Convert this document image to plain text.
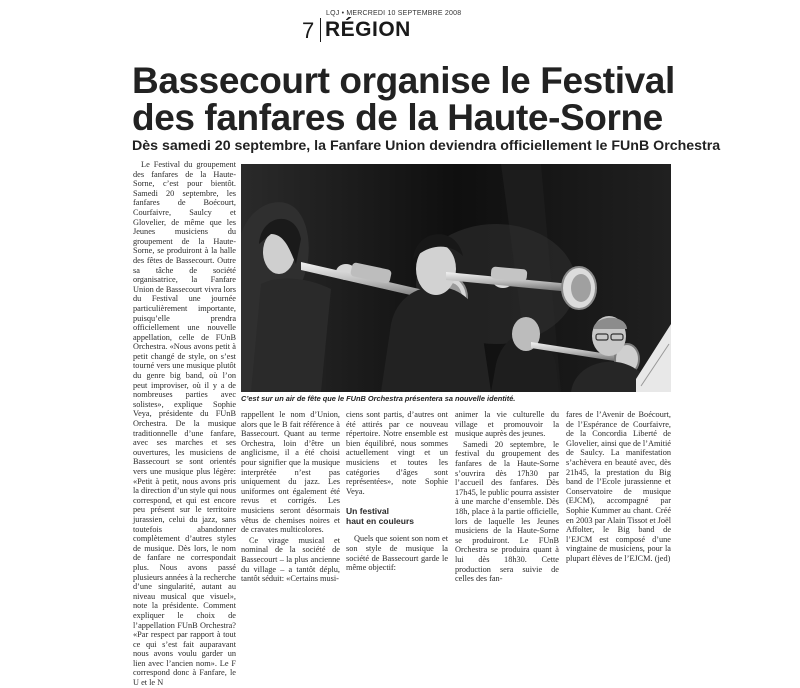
7
LQJ • MERCREDI 10 SEPTEMBRE 2008
RÉGION
Bassecourt organise le Festival
des fanfares de la Haute-Sorne
Dès samedi 20 septembre, la Fanfare Union deviendra officiellement le FUnB Orchestra

Le Festival du groupement des fanfares de la Haute-Sorne, c’est pour bientôt. Samedi 20 septembre, les fanfares de Boécourt, Courfaivre, Saulcy et Glovelier, de même que les Jeunes musiciens du groupement de la Haute-Sorne, se produiront à la halle des fêtes de Bassecourt. Outre sa tâche de société organisatrice, la Fanfare Union de Bassecourt vivra lors du Festival une journée particulièrement importante, puisqu’elle prendra officiellement une nouvelle appellation, celle de FUnB Orchestra. «Nous avons petit à petit changé de style, on s’est tourné vers une musique plutôt du genre big band, où l’on peut improviser, où il y a de nombreuses parties avec solistes», explique Sophie Veya, présidente du FUnB Orchestra. De la musique traditionnelle d’une fanfare, avec ses marches et ses ouvertures, les musiciens de Bassecourt se sont orientés vers une musique plus légère: «Petit à petit, nous avons pris la direction d’un style qui nous correspond, et qui est encore peu présent sur le territoire jurassien, celui du jazz, sans toutefois abandonner complètement d’autres styles de musique. Dès lors, le nom de fanfare ne correspondait plus. Nous avons passé plusieurs années à la recherche d’une singularité, autant au niveau musical que visuel», note la présidente. Comment expliquer le choix de l’appellation FUnB Orchestra? «Par respect par rapport à tout ce qui s’est fait auparavant nous avons voulu garder un lien avec l’ancien nom». Le F correspond donc à Fanfare, le U et le N

C’est sur un air de fête que le FUnB Orchestra présentera sa nouvelle identité.

rappellent le nom d’Union, alors que le B fait référence à Bassecourt. Quant au terme Orchestra, loin d’être un anglicisme, il a été choisi pour signifier que la musique interprétée n’est pas uniquement du jazz. Les uniformes ont également été revus et corrigés. Les musiciens seront désormais vêtus de chemises noires et de cravates multicolores.

Ce virage musical et nominal de la société de Bassecourt – la plus ancienne du village – a tantôt déplu, tantôt séduit: «Certains musi-

ciens sont partis, d’autres ont été attirés par ce nouveau répertoire. Notre ensemble est bien équilibré, nous sommes actuellement vingt et un musiciens et toutes les catégories d’âges sont représentées», note Sophie Veya.

Un festival
haut en couleurs

Quels que soient son nom et son style de musique la société de Bassecourt garde le même objectif:

animer la vie culturelle du village et promouvoir la musique auprès des jeunes.

Samedi 20 septembre, le festival du groupement des fanfares de la Haute-Sorne s’ouvrira dès 17h30 par l’accueil des fanfares. Dès 17h45, le public pourra assister à une marche d’ensemble. Dès 18h, place à la partie officielle, lors de laquelle les Jeunes musiciens de la Haute-Sorne se produiront. Le FUnB Orchestra se produira quant à lui dès 18h30. Cette production sera suivie de celles des fan-

fares de l’Avenir de Boécourt, de l’Espérance de Courfaivre, de la Concordia Liberté de Glovelier, ainsi que de l’Amitié de Saulcy. La manifestation s’achèvera en beauté avec, dès 21h45, la prestation du Big band de l’Ecole jurassienne et Conservatoire de musique (EJCM), accompagné par Sophie Kummer au chant. Créé en 2003 par Alain Tissot et Joël Affolter, le Big band de l’EJCM est composé d’une vingtaine de musiciens, pour la plupart élèves de l’EJCM. (jed)
